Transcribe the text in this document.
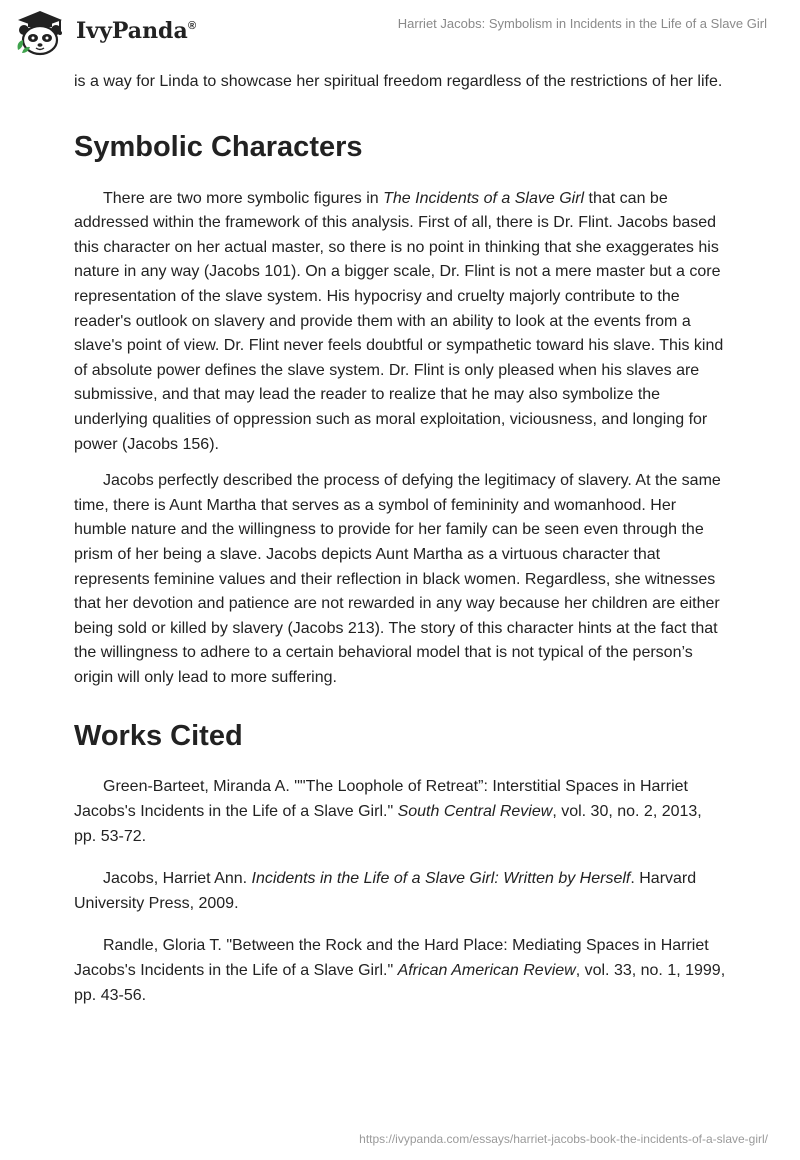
IvyPanda ®	Harriet Jacobs: Symbolism in Incidents in the Life of a Slave Girl

is a way for Linda to showcase her spiritual freedom regardless of the restrictions of her life.

Symbolic Characters

There are two more symbolic figures in The Incidents of a Slave Girl that can be addressed within the framework of this analysis. First of all, there is Dr. Flint. Jacobs based this character on her actual master, so there is no point in thinking that she exaggerates his nature in any way (Jacobs 101). On a bigger scale, Dr. Flint is not a mere master but a core representation of the slave system. His hypocrisy and cruelty majorly contribute to the reader's outlook on slavery and provide them with an ability to look at the events from a slave's point of view. Dr. Flint never feels doubtful or sympathetic toward his slave. This kind of absolute power defines the slave system. Dr. Flint is only pleased when his slaves are submissive, and that may lead the reader to realize that he may also symbolize the underlying qualities of oppression such as moral exploitation, viciousness, and longing for power (Jacobs 156).

Jacobs perfectly described the process of defying the legitimacy of slavery. At the same time, there is Aunt Martha that serves as a symbol of femininity and womanhood. Her humble nature and the willingness to provide for her family can be seen even through the prism of her being a slave. Jacobs depicts Aunt Martha as a virtuous character that represents feminine values and their reflection in black women. Regardless, she witnesses that her devotion and patience are not rewarded in any way because her children are either being sold or killed by slavery (Jacobs 213). The story of this character hints at the fact that the willingness to adhere to a certain behavioral model that is not typical of the person’s origin will only lead to more suffering.

Works Cited

Green-Barteet, Miranda A. ""The Loophole of Retreat”: Interstitial Spaces in Harriet Jacobs's Incidents in the Life of a Slave Girl." South Central Review, vol. 30, no. 2, 2013, pp. 53-72.

Jacobs, Harriet Ann. Incidents in the Life of a Slave Girl: Written by Herself. Harvard University Press, 2009.

Randle, Gloria T. "Between the Rock and the Hard Place: Mediating Spaces in Harriet Jacobs's Incidents in the Life of a Slave Girl." African American Review, vol. 33, no. 1, 1999, pp. 43-56.

https://ivypanda.com/essays/harriet-jacobs-book-the-incidents-of-a-slave-girl/
